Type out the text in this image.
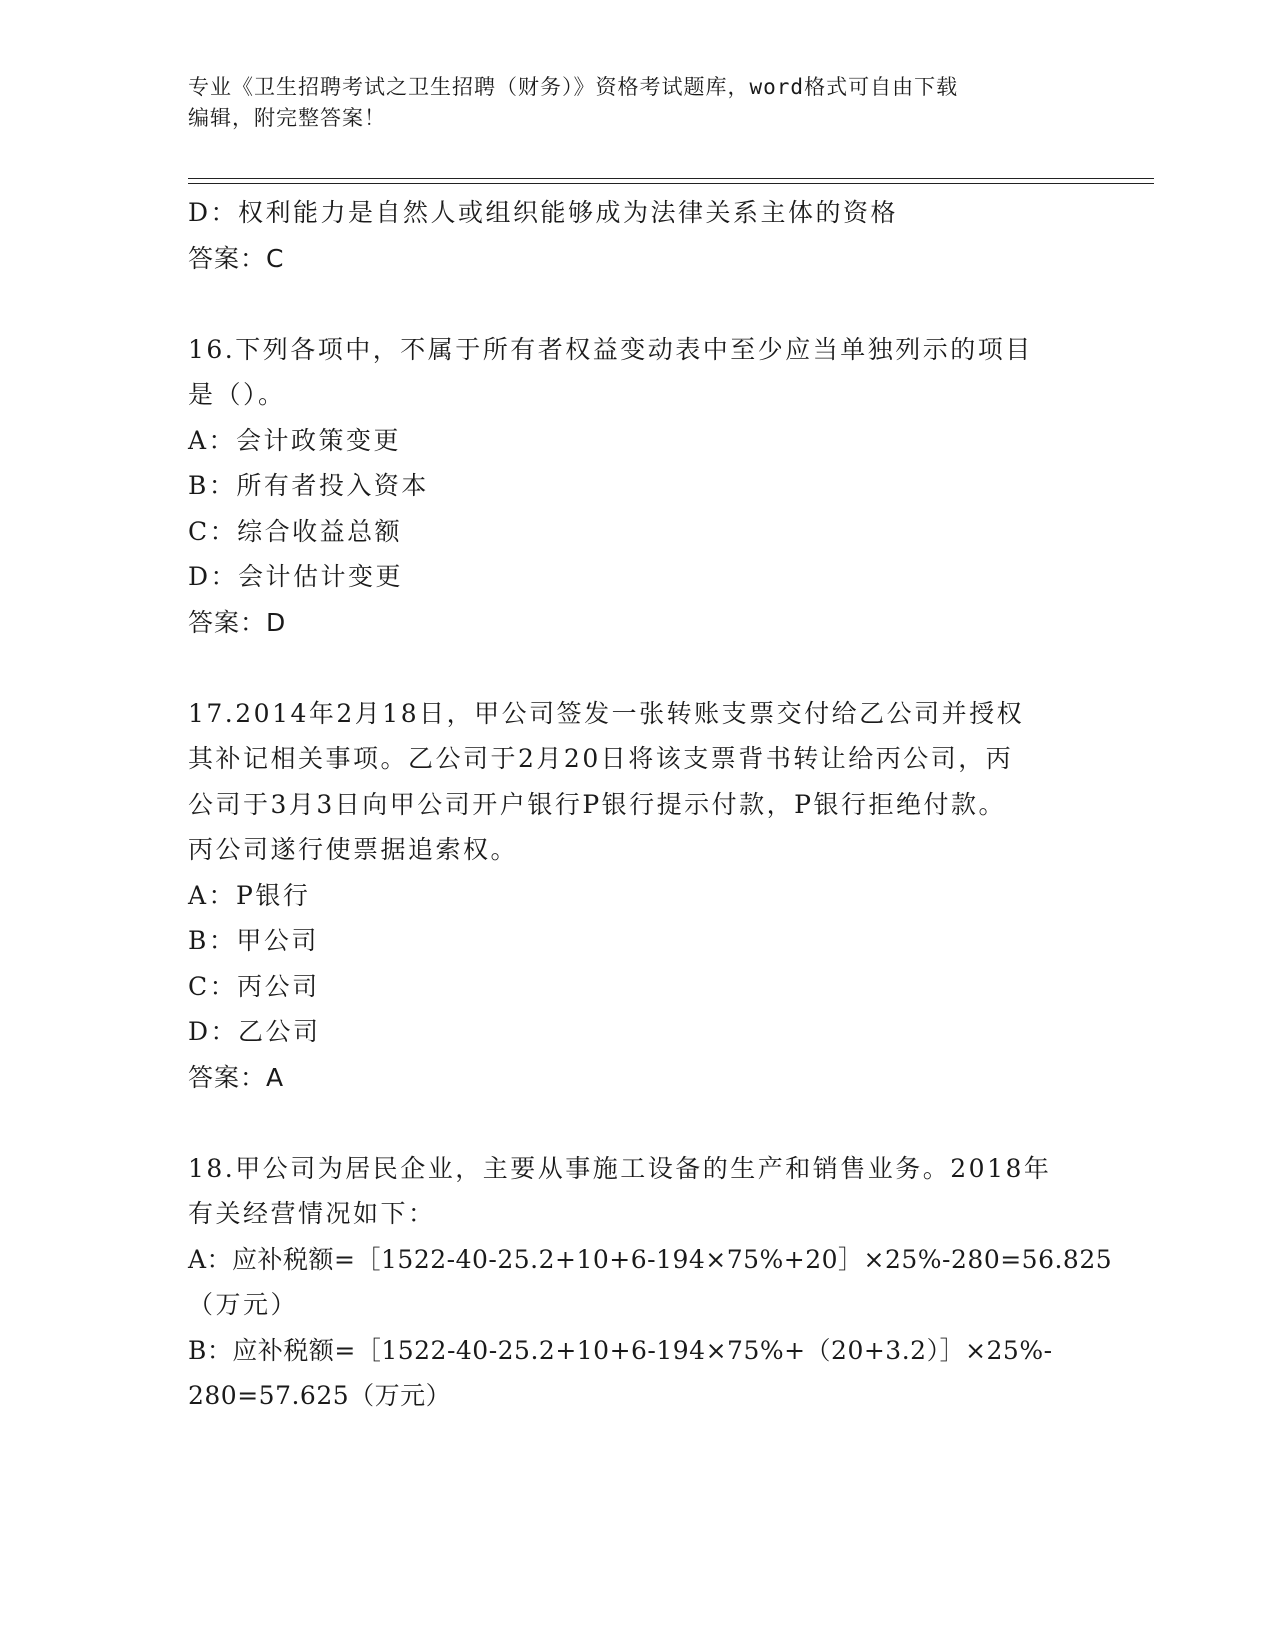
专业《卫生招聘考试之卫生招聘（财务）》资格考试题库，word格式可自由下载
编辑，附完整答案！
D：权利能力是自然人或组织能够成为法律关系主体的资格
答案：C
16.下列各项中，不属于所有者权益变动表中至少应当单独列示的项目
是（）。
A：会计政策变更
B：所有者投入资本
C：综合收益总额
D：会计估计变更
答案：D
17.2014年2月18日，甲公司签发一张转账支票交付给乙公司并授权
其补记相关事项。乙公司于2月20日将该支票背书转让给丙公司，丙
公司于3月3日向甲公司开户银行P银行提示付款，P银行拒绝付款。
丙公司遂行使票据追索权。
A：P银行
B：甲公司
C：丙公司
D：乙公司
答案：A
18.甲公司为居民企业，主要从事施工设备的生产和销售业务。2018年
有关经营情况如下：
A：应补税额=［1522-40-25.2+10+6-194×75%+20］×25%-280=56.825
（万元）
B：应补税额=［1522-40-25.2+10+6-194×75%+（20+3.2）］×25%-
280=57.625（万元）
